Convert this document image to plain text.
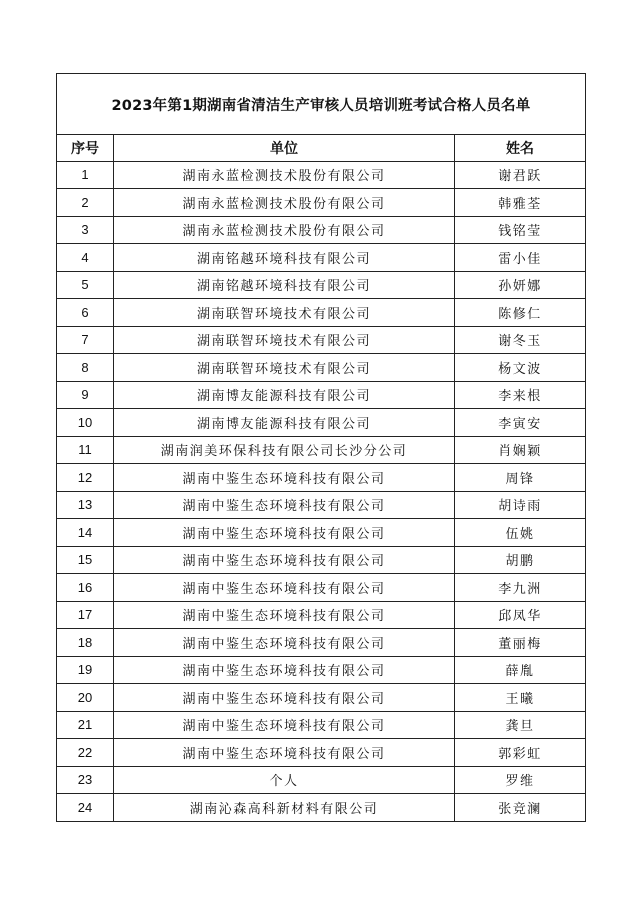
2023年第1期湖南省清洁生产审核人员培训班考试合格人员名单		
序号	单位	姓名
1	湖南永蓝检测技术股份有限公司	谢君跃
2	湖南永蓝检测技术股份有限公司	韩雅荃
3	湖南永蓝检测技术股份有限公司	钱铭莹
4	湖南铭越环境科技有限公司	雷小佳
5	湖南铭越环境科技有限公司	孙妍娜
6	湖南联智环境技术有限公司	陈修仁
7	湖南联智环境技术有限公司	谢冬玉
8	湖南联智环境技术有限公司	杨文波
9	湖南博友能源科技有限公司	李来根
10	湖南博友能源科技有限公司	李寅安
11	湖南润美环保科技有限公司长沙分公司	肖娴颖
12	湖南中鉴生态环境科技有限公司	周锋
13	湖南中鉴生态环境科技有限公司	胡诗雨
14	湖南中鉴生态环境科技有限公司	伍姚
15	湖南中鉴生态环境科技有限公司	胡鹏
16	湖南中鉴生态环境科技有限公司	李九洲
17	湖南中鉴生态环境科技有限公司	邱凤华
18	湖南中鉴生态环境科技有限公司	董丽梅
19	湖南中鉴生态环境科技有限公司	薛胤
20	湖南中鉴生态环境科技有限公司	王曦
21	湖南中鉴生态环境科技有限公司	龚旦
22	湖南中鉴生态环境科技有限公司	郭彩虹
23	个人	罗维
24	湖南沁森高科新材料有限公司	张竞澜
